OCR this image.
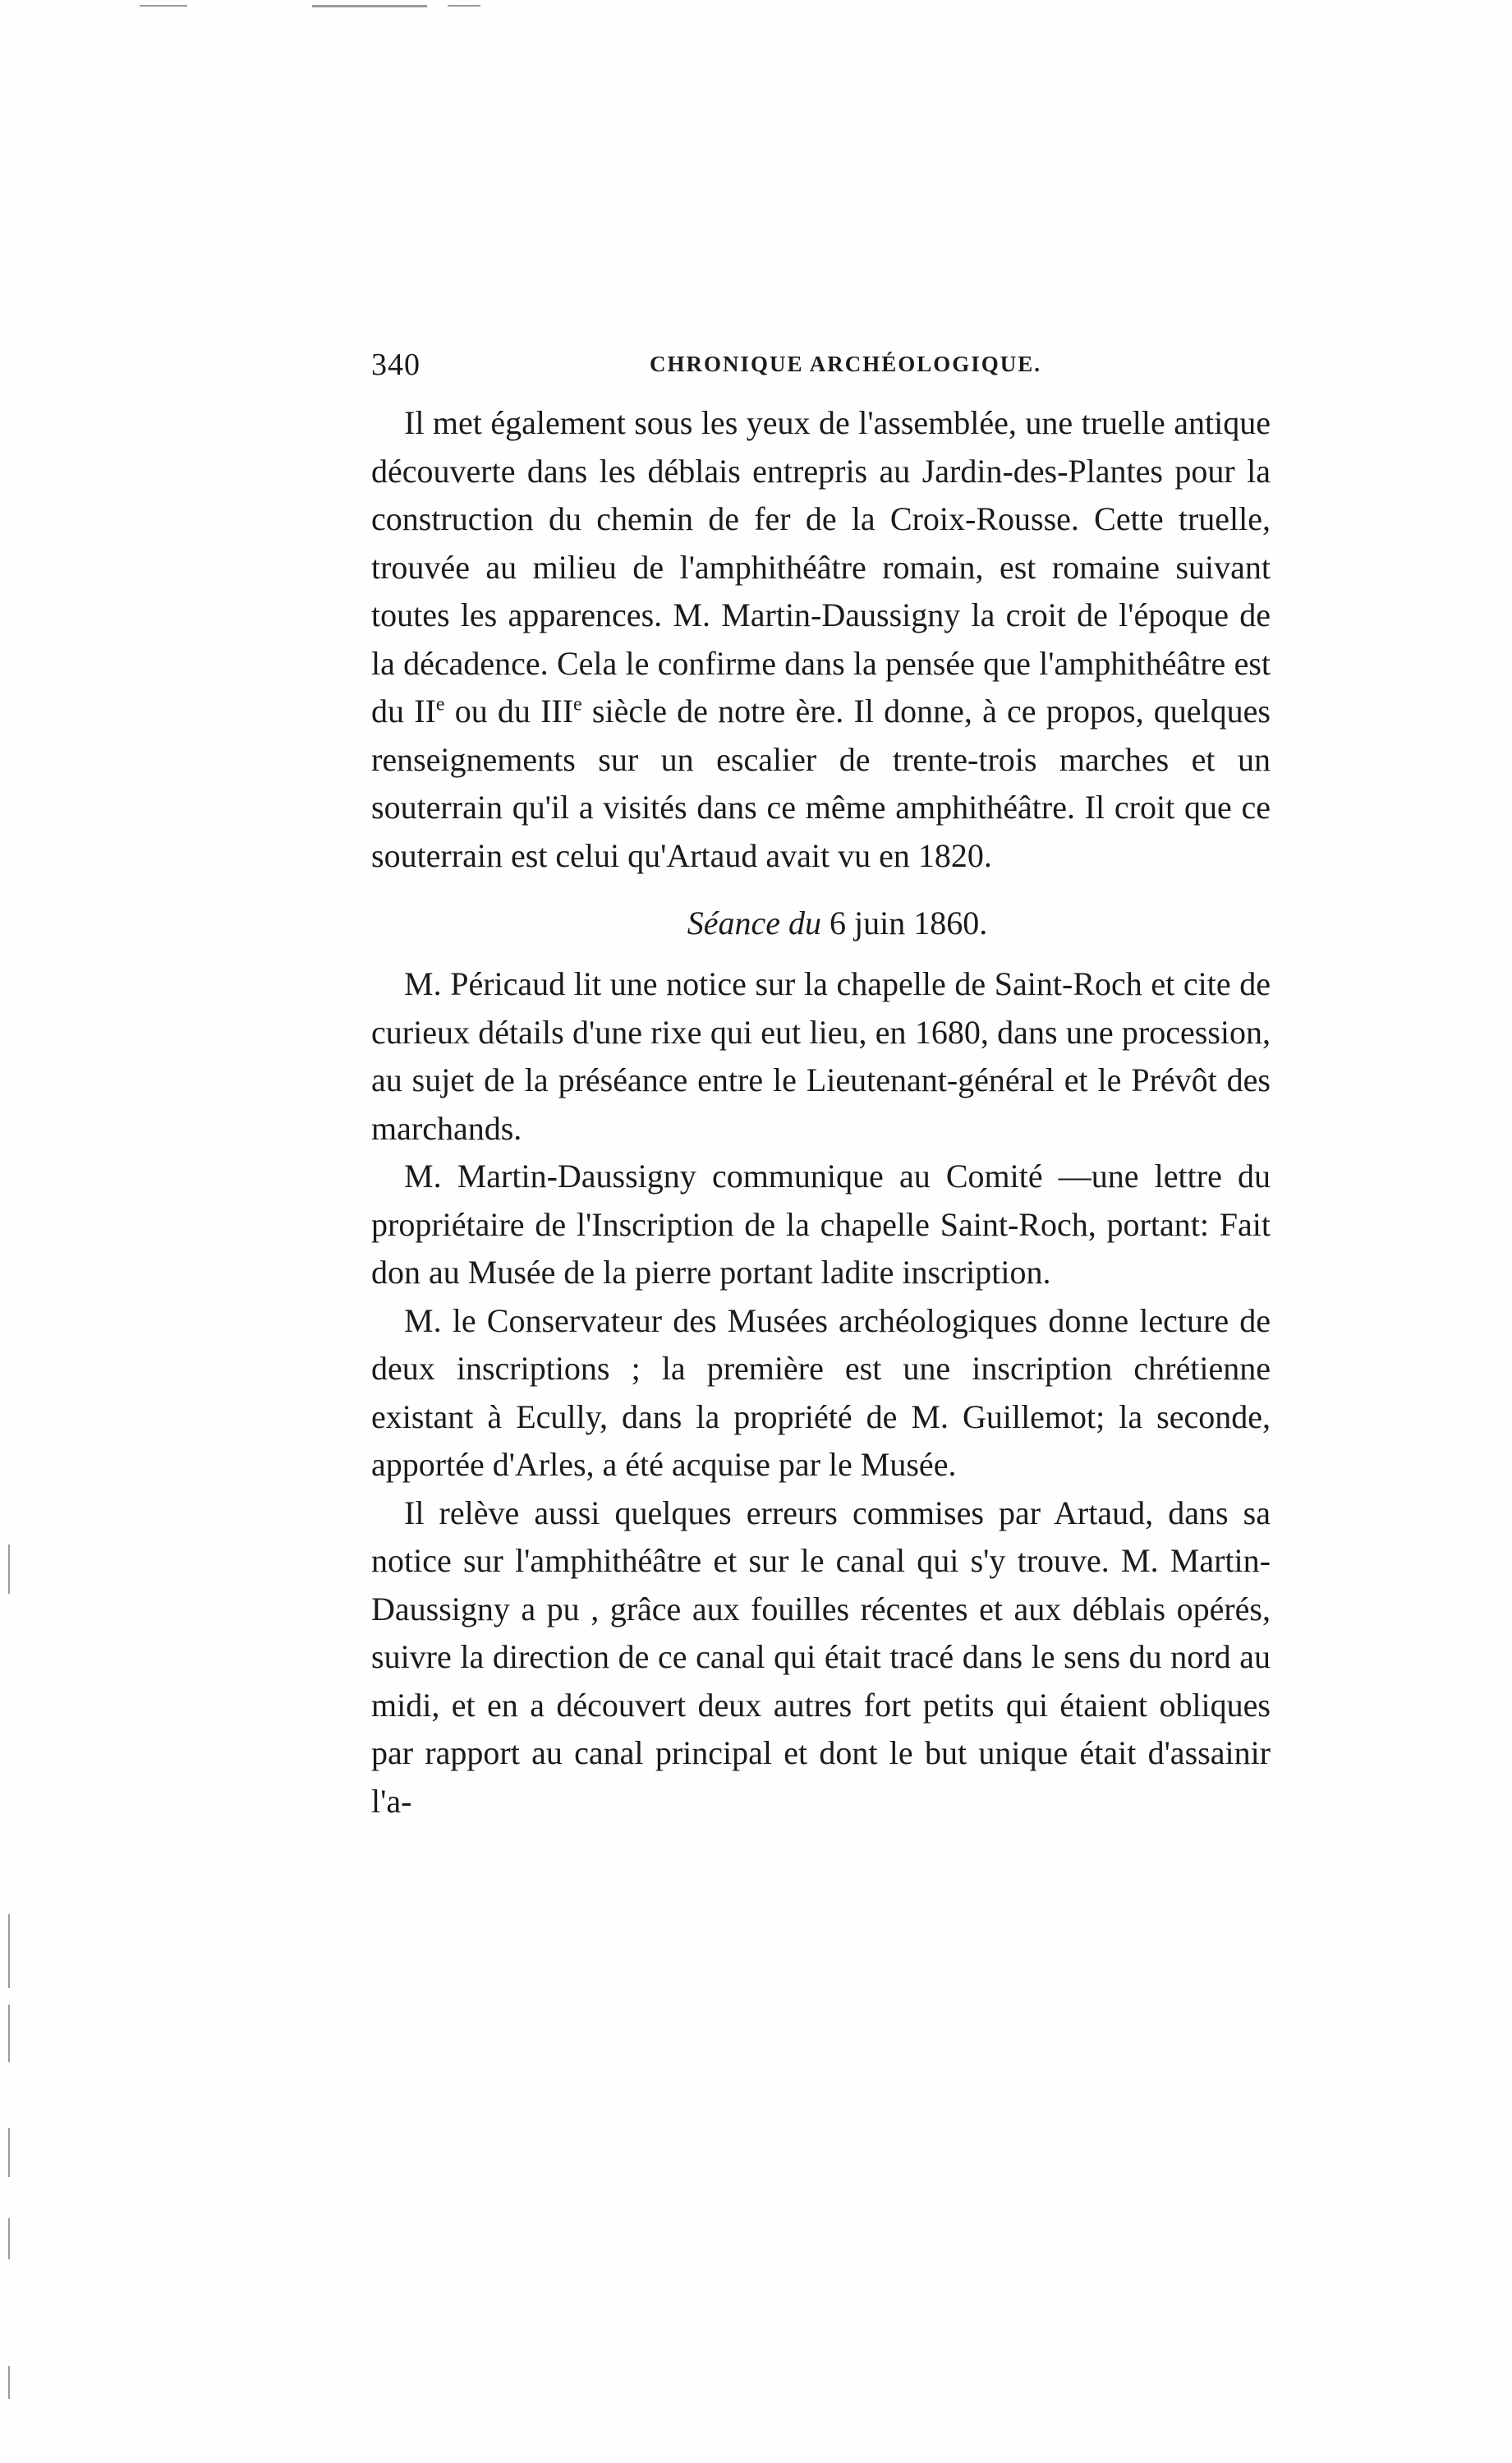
340	CHRONIQUE ARCHÉOLOGIQUE.

Il met également sous les yeux de l'assemblée, une truelle antique découverte dans les déblais entrepris au Jardin-des-Plantes pour la construction du chemin de fer de la Croix-Rousse. Cette truelle, trouvée au milieu de l'amphithéâtre romain, est romaine suivant toutes les apparences. M. Martin-Daussigny la croit de l'époque de la décadence. Cela le confirme dans la pensée que l'amphithéâtre est du IIe ou du IIIe siècle de notre ère. Il donne, à ce propos, quelques renseignements sur un escalier de trente-trois marches et un souterrain qu'il a visités dans ce même amphithéâtre. Il croit que ce souterrain est celui qu'Artaud avait vu en 1820.

Séance du 6 juin 1860.

M. Péricaud lit une notice sur la chapelle de Saint-Roch et cite de curieux détails d'une rixe qui eut lieu, en 1680, dans une procession, au sujet de la préséance entre le Lieutenant-général et le Prévôt des marchands.

M. Martin-Daussigny communique au Comité —une lettre du propriétaire de l'Inscription de la chapelle Saint-Roch, portant: Fait don au Musée de la pierre portant ladite inscription.

M. le Conservateur des Musées archéologiques donne lecture de deux inscriptions ; la première est une inscription chrétienne existant à Ecully, dans la propriété de M. Guillemot; la seconde, apportée d'Arles, a été acquise par le Musée.

Il relève aussi quelques erreurs commises par Artaud, dans sa notice sur l'amphithéâtre et sur le canal qui s'y trouve. M. Martin-Daussigny a pu , grâce aux fouilles récentes et aux déblais opérés, suivre la direction de ce canal qui était tracé dans le sens du nord au midi, et en a découvert deux autres fort petits qui étaient obliques par rapport au canal principal et dont le but unique était d'assainir l'a-
